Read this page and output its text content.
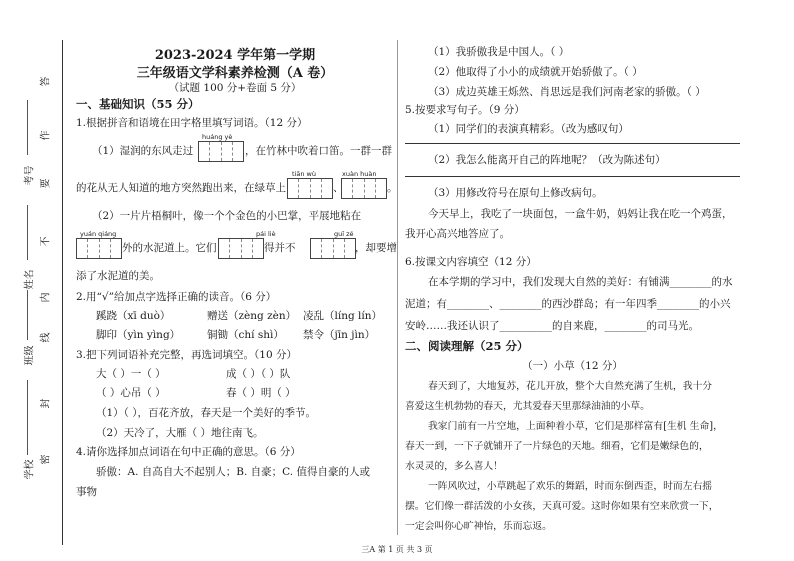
答
作
要
不
内
线
封
密
考号
姓名
班级
学校
2023-2024 学年第一学期
三年级语文学科素养检测（A 卷）
（试题 100 分+卷面 5 分）
一、基础知识（55 分）
1.根据拼音和语境在田字格里填写词语。（12 分）
huáng yè
（1）湿润的东风走过	，在竹林中吹着口笛。一群一群
tiān wù	xuàn huàn
的花从无人知道的地方突然跑出来，在绿草上	、	。
（2）一片片梧桐叶，像一个个金色的小巴掌，平展地粘在
yuán qiáng	pái liè	guī zé
外的水泥道上。它们	得并不	，却要增
添了水泥道的美。
2.用“√”给加点字选择正确的读音。（6 分）
蹊跷（xī duò）	赠送（zèng zèn） 凌乱（líng lín）
脚印（yìn yìng）	铜锄（chí shì） 禁令（jīn jìn）
3.把下列词语补充完整，再选词填空。（10 分）
大（ ）一（ ）	成（ ）（ ）队
（ ）心吊（ ）	春（ ）明（ ）
（1）（ ），百花齐放，春天是一个美好的季节。
（2）天冷了，大雁（ ）地往南飞。
4.请你选择加点词语在句中正确的意思。（6 分）
骄傲：A. 自高自大不起别人；B. 自豪；C. 值得自豪的人或
事物
（1）我骄傲我是中国人。（ ）
（2）他取得了小小的成绩就开始骄傲了。（ ）
（3）成边英雄王烁然、肖思远是我们河南老家的骄傲。（ ）
5.按要求写句子。（9 分）
（1）同学们的表演真精彩。（改为感叹句）
（2）我怎么能离开自己的阵地呢？（改为陈述句）
（3）用修改符号在原句上修改病句。
今天早上，我吃了一块面包，一盒牛奶，妈妈让我在吃一个鸡蛋，
我开心高兴地答应了。
6.按课文内容填空（12 分）
在本学期的学习中，我们发现大自然的美好：有铺满________的水
泥道；有________、________的西沙群岛；有一年四季________的小兴
安岭……我还认识了__________的自来鹿，________的司马光。
二、阅读理解（25 分）
（一）小草（12 分）
春天到了，大地复苏，花儿开放，整个大自然充满了生机，我十分
喜爱这生机勃勃的春天，尤其爱春天里那绿油油的小草。
我家门前有一片空地，上面种着小草，它们是那样富有[生机 生命]，
春天一到，一下子就铺开了一片绿色的天地。细看，它们是嫩绿色的，
水灵灵的，多么喜人！
一阵风吹过，小草跳起了欢乐的舞蹈，时而东倒西歪，时而左右摇
摆。它们像一群活泼的小女孩，天真可爱。这时你如果有空来欣赏一下，
一定会叫你心旷神怡，乐而忘返。
三A 第 1 页 共 3 页
